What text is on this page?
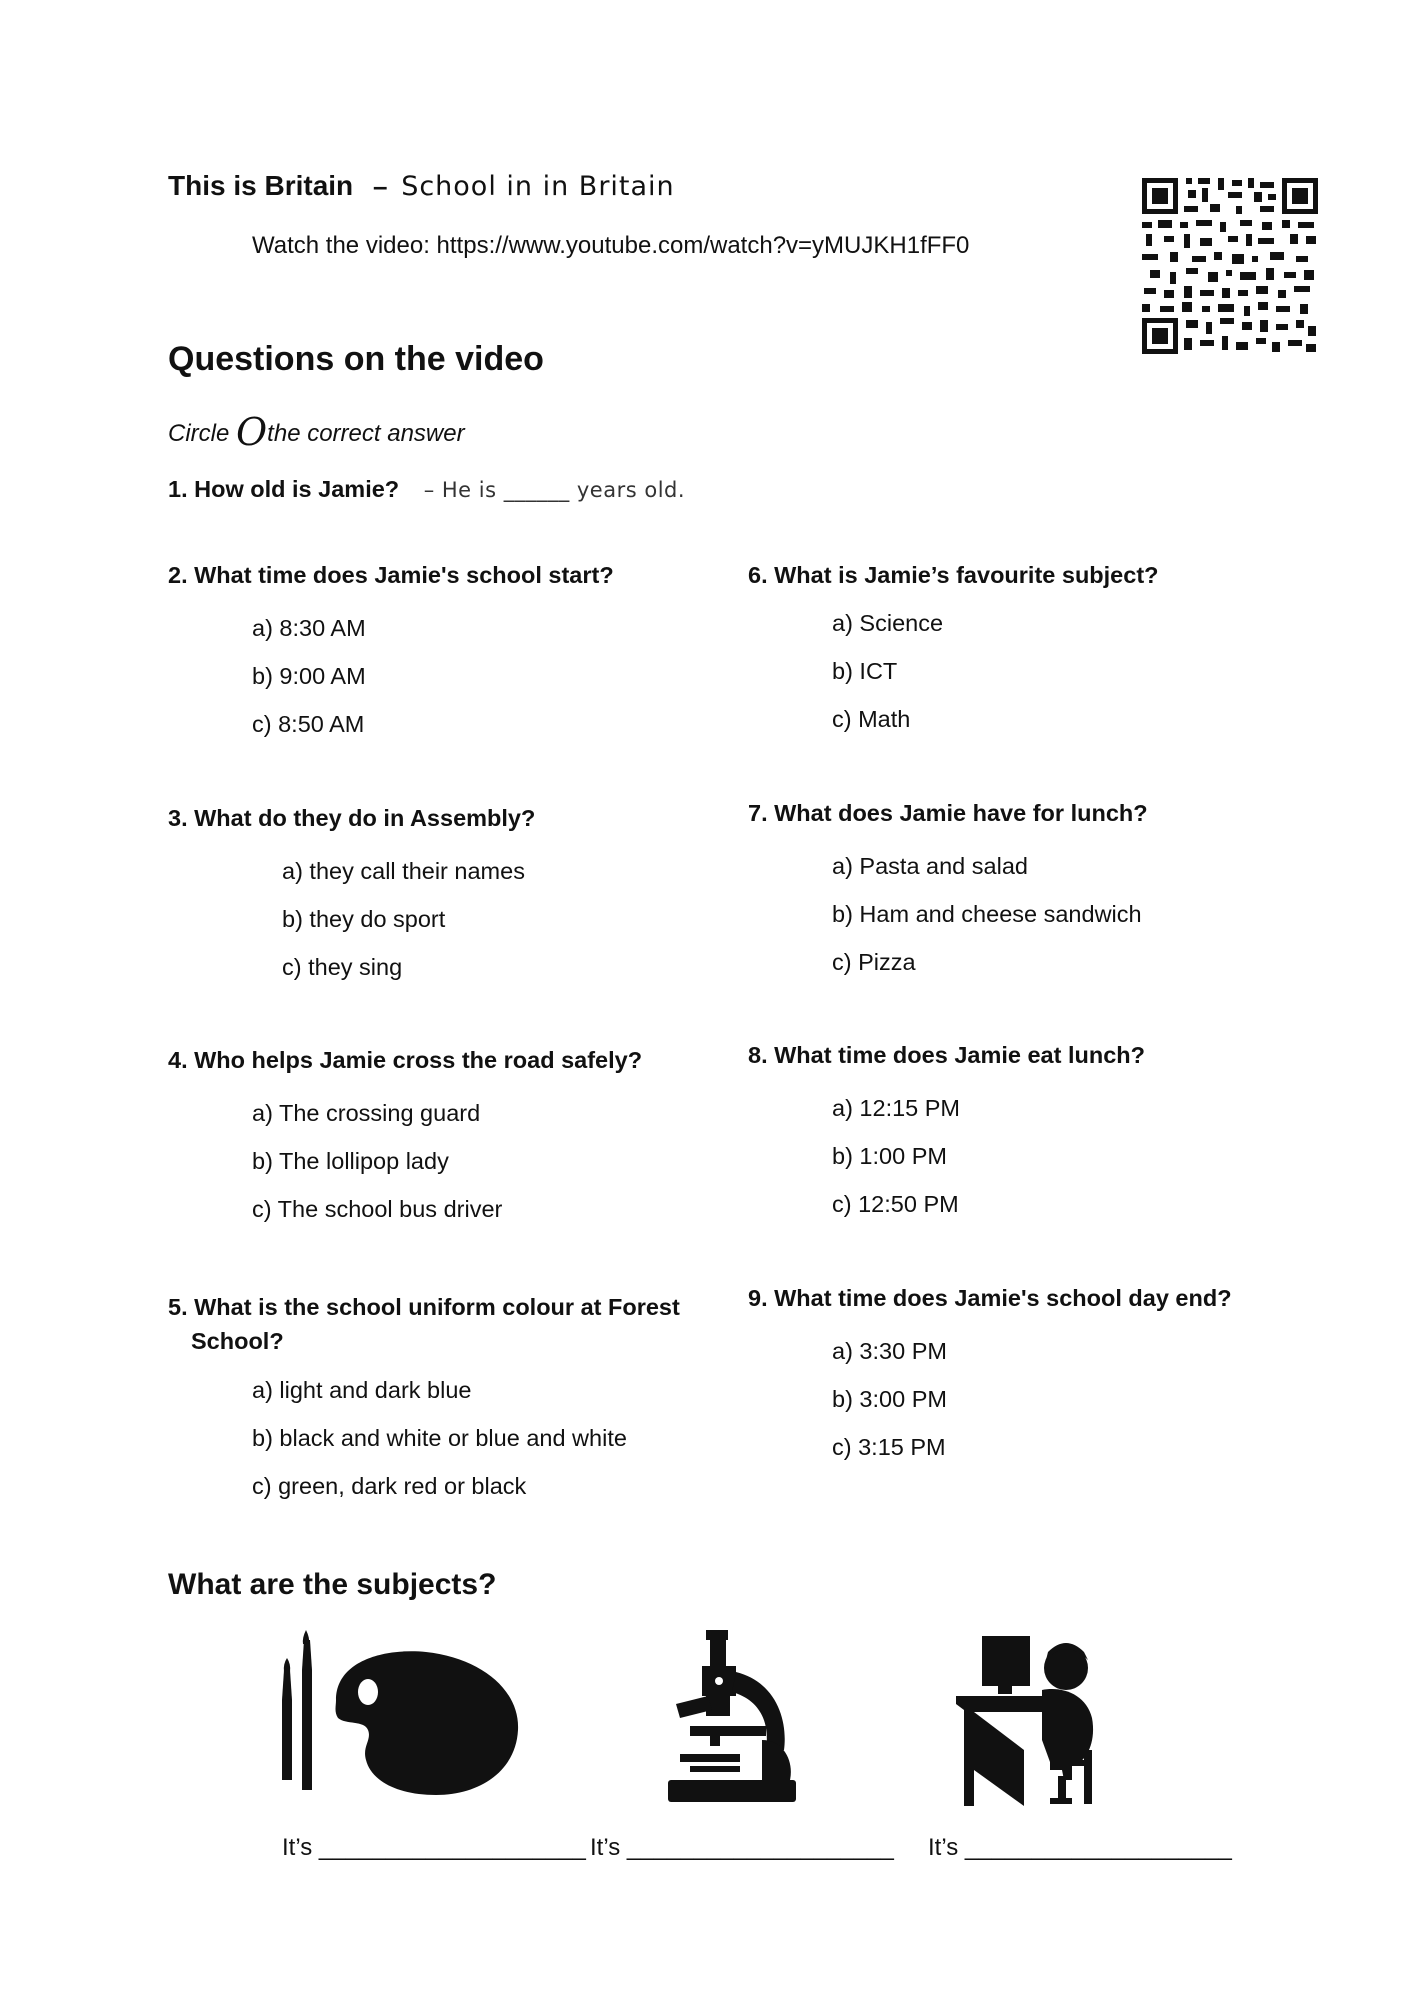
This is Britain – School in in Britain
Watch the video: https://www.youtube.com/watch?v=yMUJKH1fFF0
Questions on the video
Circle Othe correct answer
1. How old is Jamie? – He is ______ years old.
2. What time does Jamie's school start?
a) 8:30 AM
b) 9:00 AM
c) 8:50 AM
3. What do they do in Assembly?
a) they call their names
b) they do sport
c) they sing
4. Who helps Jamie cross the road safely?
a) The crossing guard
b) The lollipop lady
c) The school bus driver
5. What is the school uniform colour at Forest School?
a) light and dark blue
b) black and white or blue and white
c) green, dark red or black
6. What is Jamie’s favourite subject?
a) Science
b) ICT
c) Math
7. What does Jamie have for lunch?
a) Pasta and salad
b) Ham and cheese sandwich
c) Pizza
8. What time does Jamie eat lunch?
a) 12:15 PM
b) 1:00 PM
c) 12:50 PM
9. What time does Jamie's school day end?
a) 3:30 PM
b) 3:00 PM
c) 3:15 PM
What are the subjects?
It’s ____________________ It’s ____________________ It’s ____________________
